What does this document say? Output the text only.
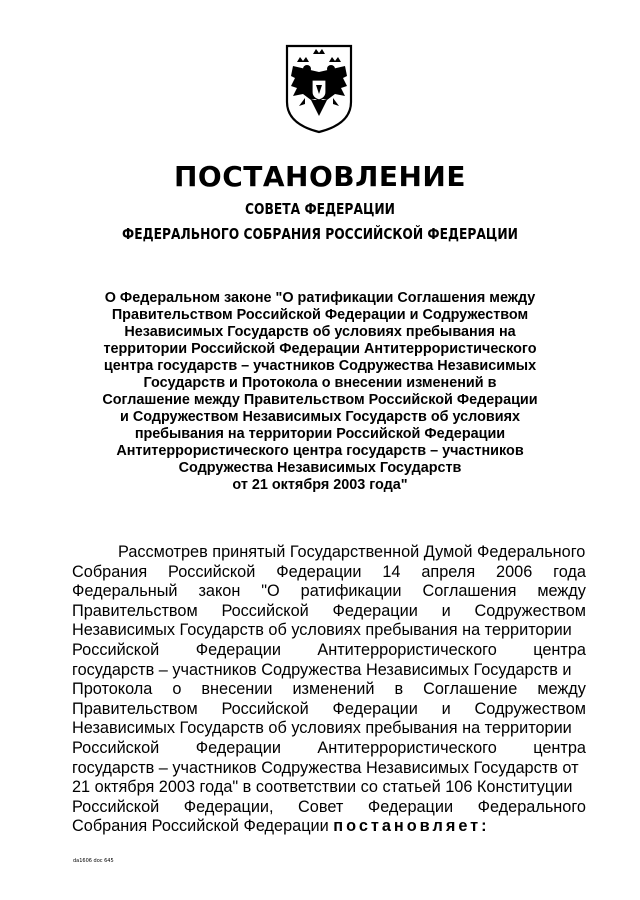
ПОСТАНОВЛЕНИЕ
СОВЕТА ФЕДЕРАЦИИ
ФЕДЕРАЛЬНОГО СОБРАНИЯ РОССИЙСКОЙ ФЕДЕРАЦИИ
О Федеральном законе "О ратификации Соглашения между
Правительством Российской Федерации и Содружеством
Независимых Государств об условиях пребывания на
территории Российской Федерации Антитеррористического
центра государств – участников Содружества Независимых
Государств и Протокола о внесении изменений в
Соглашение между Правительством Российской Федерации
и Содружеством Независимых Государств об условиях
пребывания на территории Российской Федерации
Антитеррористического центра государств – участников
Содружества Независимых Государств
от 21 октября 2003 года"
Рассмотрев принятый Государственной Думой Федерального
Собрания Российской Федерации 14 апреля 2006 года
Федеральный закон "О ратификации Соглашения между
Правительством Российской Федерации и Содружеством
Независимых Государств об условиях пребывания на территории
Российской Федерации Антитеррористического центра
государств – участников Содружества Независимых Государств и
Протокола о внесении изменений в Соглашение между
Правительством Российской Федерации и Содружеством
Независимых Государств об условиях пребывания на территории
Российской Федерации Антитеррористического центра
государств – участников Содружества Независимых Государств от
21 октября 2003 года" в соответствии со статьей 106 Конституции
Российской Федерации, Совет Федерации Федерального
Собрания Российской Федерации
постановляет:
da1606 doc 645
